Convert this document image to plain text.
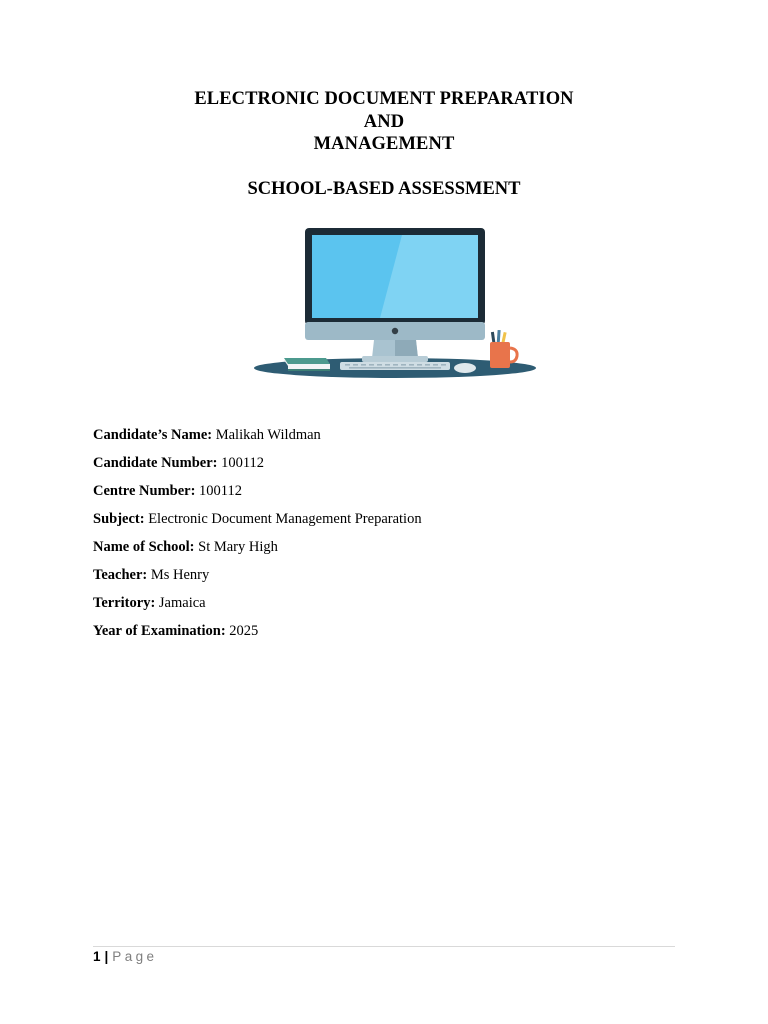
ELECTRONIC DOCUMENT PREPARATION
AND
MANAGEMENT
SCHOOL-BASED ASSESSMENT
Candidate’s Name: Malikah Wildman
Candidate Number: 100112
Centre Number: 100112
Subject: Electronic Document Management Preparation
Name of School: St Mary High
Teacher: Ms Henry
Territory: Jamaica
Year of Examination: 2025
1 | Page
